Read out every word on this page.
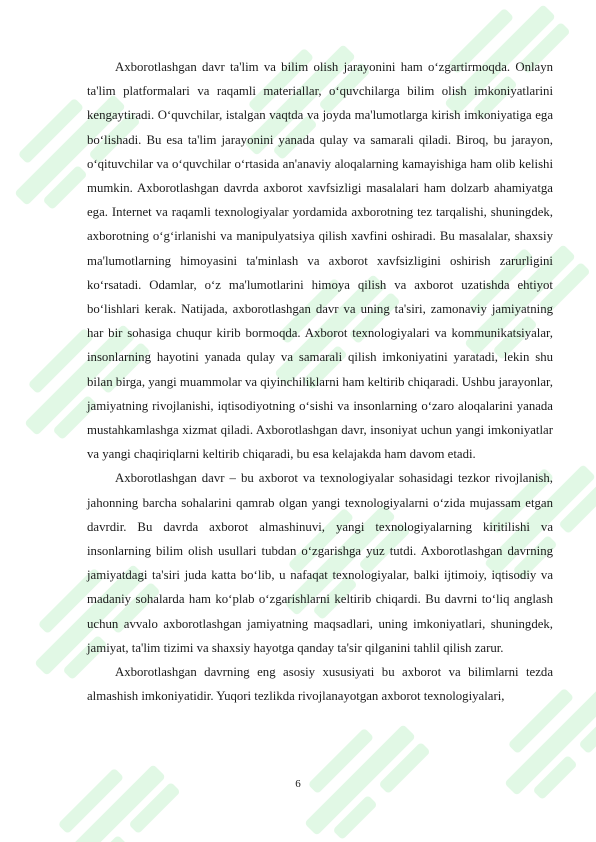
Axborotlashgan davr ta'lim va bilim olish jarayonini ham o‘zgartirmoqda. Onlayn ta'lim platformalari va raqamli materiallar, o‘quvchilarga bilim olish imkoniyatlarini kengaytiradi. O‘quvchilar, istalgan vaqtda va joyda ma'lumotlarga kirish imkoniyatiga ega bo‘lishadi. Bu esa ta'lim jarayonini yanada qulay va samarali qiladi. Biroq, bu jarayon, o‘qituvchilar va o‘quvchilar o‘rtasida an'anaviy aloqalarning kamayishiga ham olib kelishi mumkin. Axborotlashgan davrda axborot xavfsizligi masalalari ham dolzarb ahamiyatga ega. Internet va raqamli texnologiyalar yordamida axborotning tez tarqalishi, shuningdek, axborotning o‘g‘irlanishi va manipulyatsiya qilish xavfini oshiradi. Bu masalalar, shaxsiy ma'lumotlarning himoyasini ta'minlash va axborot xavfsizligini oshirish zarurligini ko‘rsatadi. Odamlar, o‘z ma'lumotlarini himoya qilish va axborot uzatishda ehtiyot bo‘lishlari kerak. Natijada, axborotlashgan davr va uning ta'siri, zamonaviy jamiyatning har bir sohasiga chuqur kirib bormoqda. Axborot texnologiyalari va kommunikatsiyalar, insonlarning hayotini yanada qulay va samarali qilish imkoniyatini yaratadi, lekin shu bilan birga, yangi muammolar va qiyinchiliklarni ham keltirib chiqaradi. Ushbu jarayonlar, jamiyatning rivojlanishi, iqtisodiyotning o‘sishi va insonlarning o‘zaro aloqalarini yanada mustahkamlashga xizmat qiladi. Axborotlashgan davr, insoniyat uchun yangi imkoniyatlar va yangi chaqiriqlarni keltirib chiqaradi, bu esa kelajakda ham davom etadi.

Axborotlashgan davr – bu axborot va texnologiyalar sohasidagi tezkor rivojlanish, jahonning barcha sohalarini qamrab olgan yangi texnologiyalarni o‘zida mujassam etgan davrdir. Bu davrda axborot almashinuvi, yangi texnologiyalarning kiritilishi va insonlarning bilim olish usullari tubdan o‘zgarishga yuz tutdi. Axborotlashgan davrning jamiyatdagi ta'siri juda katta bo‘lib, u nafaqat texnologiyalar, balki ijtimoiy, iqtisodiy va madaniy sohalarda ham ko‘plab o‘zgarishlarni keltirib chiqardi. Bu davrni to‘liq anglash uchun avvalo axborotlashgan jamiyatning maqsadlari, uning imkoniyatlari, shuningdek, jamiyat, ta'lim tizimi va shaxsiy hayotga qanday ta'sir qilganini tahlil qilish zarur.

Axborotlashgan davrning eng asosiy xususiyati bu axborot va bilimlarni tezda almashish imkoniyatidir. Yuqori tezlikda rivojlanayotgan axborot texnologiyalari,

6
